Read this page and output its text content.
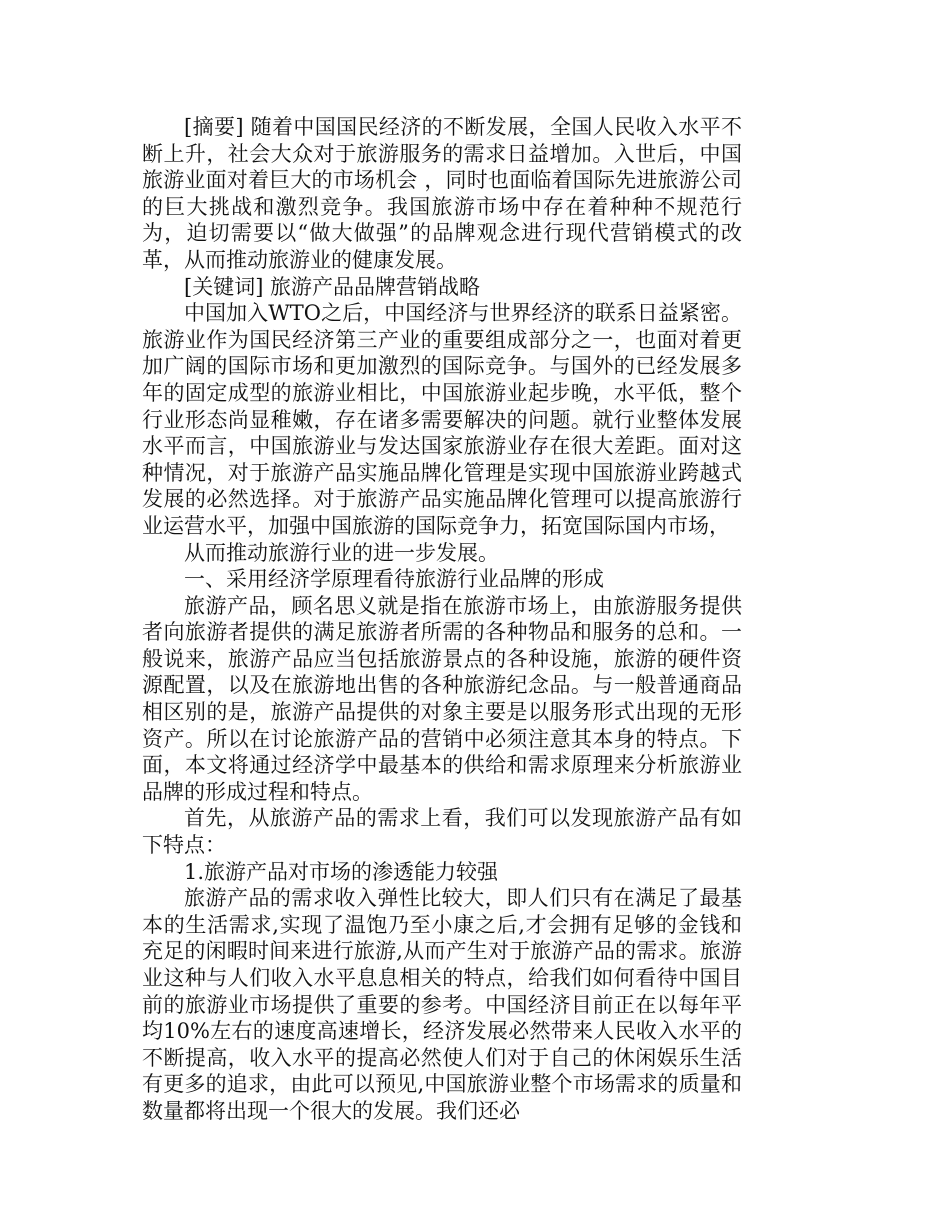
[摘要] 随着中国国民经济的不断发展，全国人民收入水平不断上升，社会大众对于旅游服务的需求日益增加。入世后，中国旅游业面对着巨大的市场机会 ，同时也面临着国际先进旅游公司的巨大挑战和激烈竞争。我国旅游市场中存在着种种不规范行为，迫切需要以“做大做强”的品牌观念进行现代营销模式的改革，从而推动旅游业的健康发展。

[关键词] 旅游产品品牌营销战略

中国加入WTO之后，中国经济与世界经济的联系日益紧密。旅游业作为国民经济第三产业的重要组成部分之一，也面对着更加广阔的国际市场和更加激烈的国际竞争。与国外的已经发展多年的固定成型的旅游业相比，中国旅游业起步晚，水平低，整个行业形态尚显稚嫩，存在诸多需要解决的问题。就行业整体发展水平而言，中国旅游业与发达国家旅游业存在很大差距。面对这种情况，对于旅游产品实施品牌化管理是实现中国旅游业跨越式发展的必然选择。对于旅游产品实施品牌化管理可以提高旅游行业运营水平，加强中国旅游的国际竞争力，拓宽国际国内市场，

从而推动旅游行业的进一步发展。

一、采用经济学原理看待旅游行业品牌的形成

旅游产品，顾名思义就是指在旅游市场上，由旅游服务提供者向旅游者提供的满足旅游者所需的各种物品和服务的总和。一般说来，旅游产品应当包括旅游景点的各种设施，旅游的硬件资源配置，以及在旅游地出售的各种旅游纪念品。与一般普通商品相区别的是，旅游产品提供的对象主要是以服务形式出现的无形资产。所以在讨论旅游产品的营销中必须注意其本身的特点。下面，本文将通过经济学中最基本的供给和需求原理来分析旅游业品牌的形成过程和特点。

首先，从旅游产品的需求上看，我们可以发现旅游产品有如下特点：

1.旅游产品对市场的渗透能力较强

旅游产品的需求收入弹性比较大，即人们只有在满足了最基本的生活需求,实现了温饱乃至小康之后,才会拥有足够的金钱和充足的闲暇时间来进行旅游,从而产生对于旅游产品的需求。旅游业这种与人们收入水平息息相关的特点，给我们如何看待中国目前的旅游业市场提供了重要的参考。中国经济目前正在以每年平均10%左右的速度高速增长，经济发展必然带来人民收入水平的不断提高，收入水平的提高必然使人们对于自己的休闲娱乐生活有更多的追求，由此可以预见,中国旅游业整个市场需求的质量和数量都将出现一个很大的发展。我们还必
